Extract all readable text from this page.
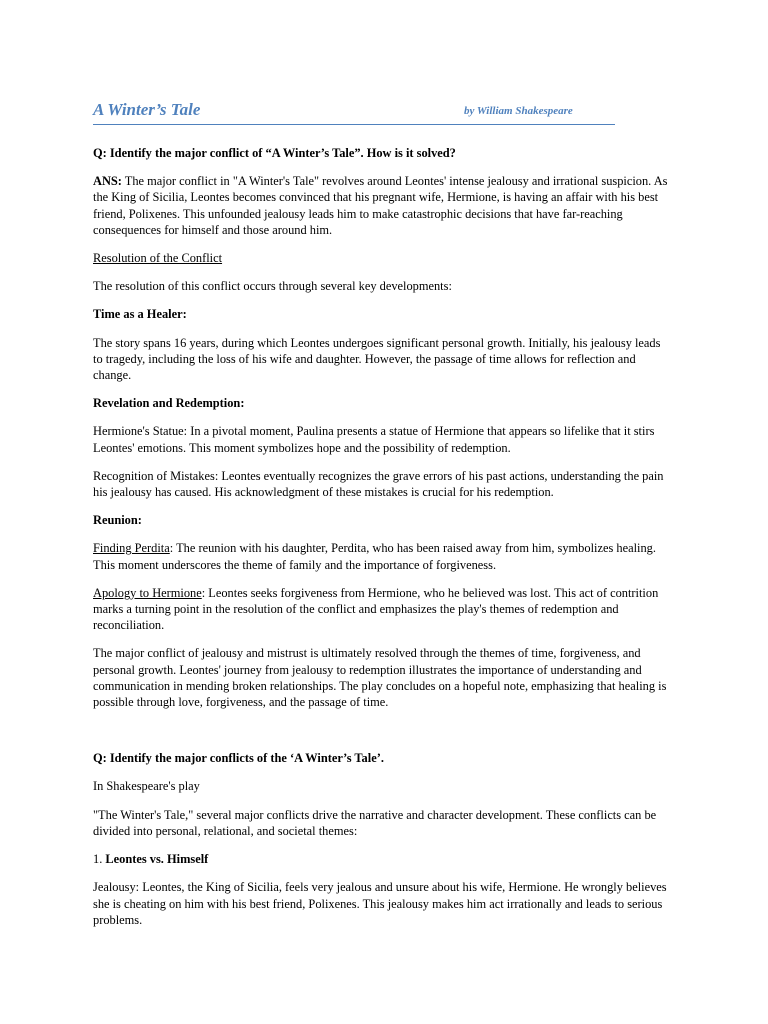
A Winter’s Tale	by William Shakespeare

Q: Identify the major conflict of “A Winter’s Tale”. How is it solved?

ANS: The major conflict in "A Winter's Tale" revolves around Leontes' intense jealousy and irrational suspicion. As the King of Sicilia, Leontes becomes convinced that his pregnant wife, Hermione, is having an affair with his best friend, Polixenes. This unfounded jealousy leads him to make catastrophic decisions that have far-reaching consequences for himself and those around him.

Resolution of the Conflict

The resolution of this conflict occurs through several key developments:

Time as a Healer:

The story spans 16 years, during which Leontes undergoes significant personal growth. Initially, his jealousy leads to tragedy, including the loss of his wife and daughter. However, the passage of time allows for reflection and change.

Revelation and Redemption:

Hermione's Statue: In a pivotal moment, Paulina presents a statue of Hermione that appears so lifelike that it stirs Leontes' emotions. This moment symbolizes hope and the possibility of redemption.

Recognition of Mistakes: Leontes eventually recognizes the grave errors of his past actions, understanding the pain his jealousy has caused. His acknowledgment of these mistakes is crucial for his redemption.

Reunion:

Finding Perdita: The reunion with his daughter, Perdita, who has been raised away from him, symbolizes healing. This moment underscores the theme of family and the importance of forgiveness.

Apology to Hermione: Leontes seeks forgiveness from Hermione, who he believed was lost. This act of contrition marks a turning point in the resolution of the conflict and emphasizes the play's themes of redemption and reconciliation.

The major conflict of jealousy and mistrust is ultimately resolved through the themes of time, forgiveness, and personal growth. Leontes' journey from jealousy to redemption illustrates the importance of understanding and communication in mending broken relationships. The play concludes on a hopeful note, emphasizing that healing is possible through love, forgiveness, and the passage of time.

Q: Identify the major conflicts of the ‘A Winter’s Tale’.

In Shakespeare's play

"The Winter's Tale," several major conflicts drive the narrative and character development. These conflicts can be divided into personal, relational, and societal themes:

1. Leontes vs. Himself

Jealousy: Leontes, the King of Sicilia, feels very jealous and unsure about his wife, Hermione. He wrongly believes she is cheating on him with his best friend, Polixenes. This jealousy makes him act irrationally and leads to serious problems.
